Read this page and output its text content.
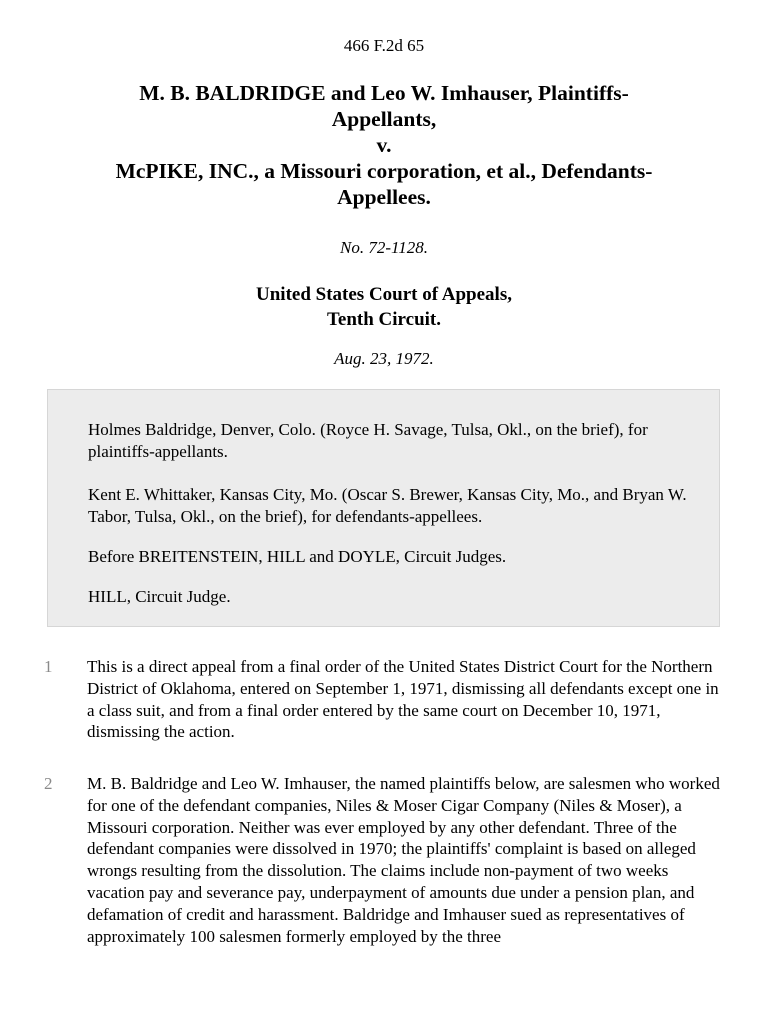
466 F.2d 65
M. B. BALDRIDGE and Leo W. Imhauser, Plaintiffs-
Appellants,
v.
McPIKE, INC., a Missouri corporation, et al., Defendants-
Appellees.
No. 72-1128.
United States Court of Appeals,
Tenth Circuit.
Aug. 23, 1972.
Holmes Baldridge, Denver, Colo. (Royce H. Savage, Tulsa, Okl., on the brief), for plaintiffs-appellants.
Kent E. Whittaker, Kansas City, Mo. (Oscar S. Brewer, Kansas City, Mo., and Bryan W. Tabor, Tulsa, Okl., on the brief), for defendants-appellees.
Before BREITENSTEIN, HILL and DOYLE, Circuit Judges.
HILL, Circuit Judge.
1	This is a direct appeal from a final order of the United States District Court for the Northern District of Oklahoma, entered on September 1, 1971, dismissing all defendants except one in a class suit, and from a final order entered by the same court on December 10, 1971, dismissing the action.
2	M. B. Baldridge and Leo W. Imhauser, the named plaintiffs below, are salesmen who worked for one of the defendant companies, Niles & Moser Cigar Company (Niles & Moser), a Missouri corporation. Neither was ever employed by any other defendant. Three of the defendant companies were dissolved in 1970; the plaintiffs' complaint is based on alleged wrongs resulting from the dissolution. The claims include non-payment of two weeks vacation pay and severance pay, underpayment of amounts due under a pension plan, and defamation of credit and harassment. Baldridge and Imhauser sued as representatives of approximately 100 salesmen formerly employed by the three
